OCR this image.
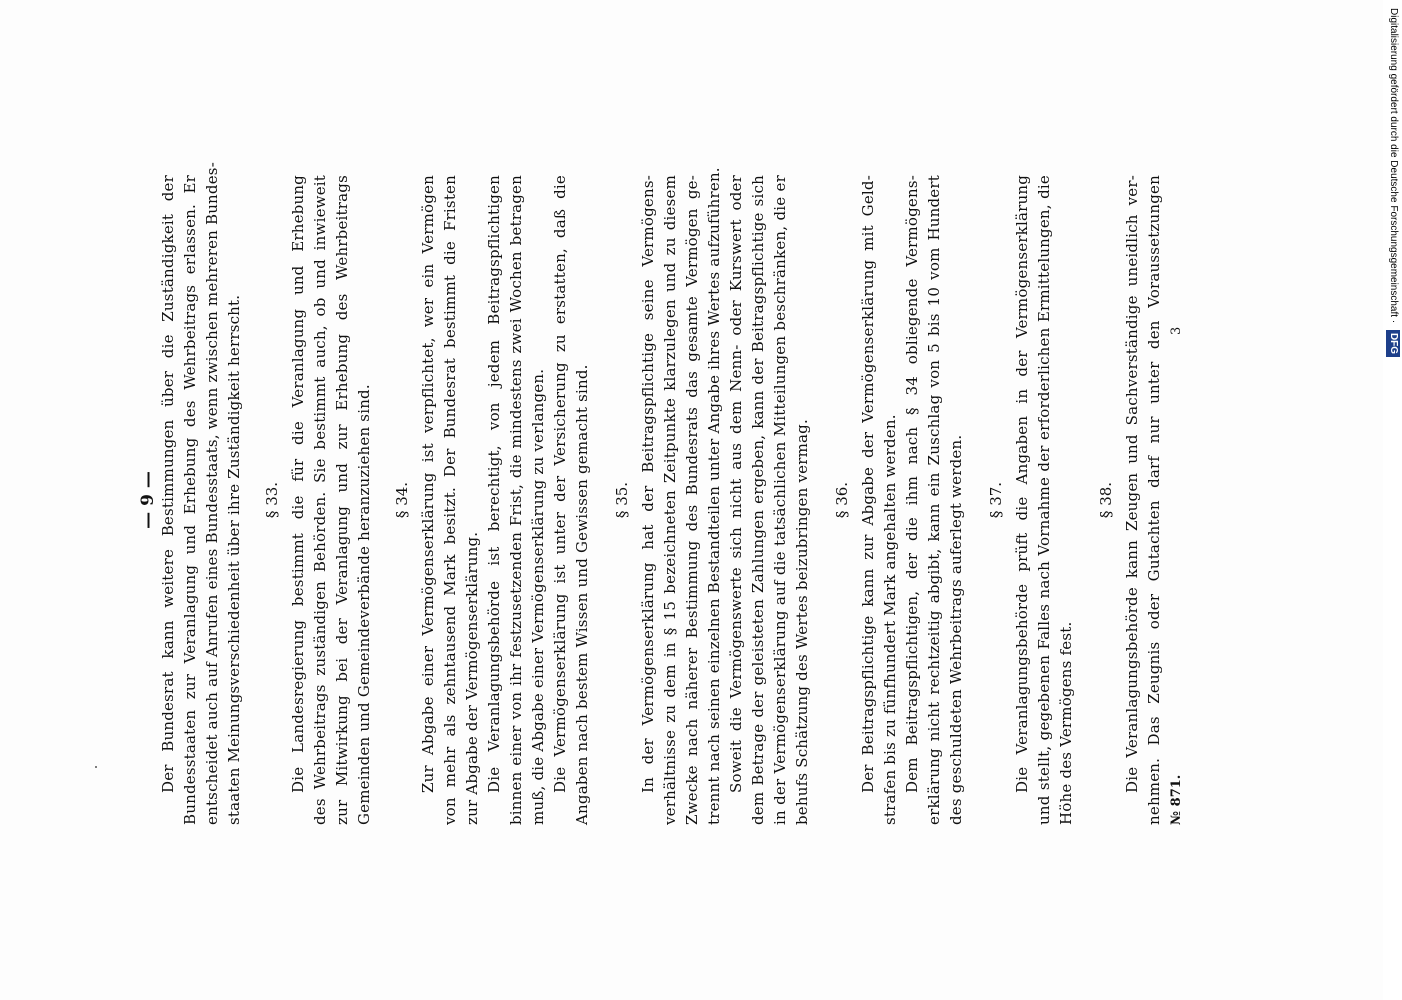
— 9 — Der Bundesrat kann weitere Bestimmungen über die Zuständigkeit der Bundesstaaten zur Veranlagung und Erhebung des Wehrbeitrags erlassen. Er entscheidet auch auf Anrufen eines Bundesstaats, wenn zwischen mehreren Bundes- staaten Meinungsverschiedenheit über ihre Zuständigkeit herrscht. § 33. Die Landesregierung bestimmt die für die Veranlagung und Erhebung des Wehrbeitrags zuständigen Behörden. Sie bestimmt auch, ob und inwieweit zur Mitwirkung bei der Veranlagung und zur Erhebung des Wehrbeitrags Gemeinden und Gemeindeverbände heranzuziehen sind. § 34. Zur Abgabe einer Vermögenserklärung ist verpflichtet, wer ein Vermögen von mehr als zehntausend Mark besitzt. Der Bundesrat bestimmt die Fristen zur Abgabe der Vermögenserklärung. Die Veranlagungsbehörde ist berechtigt, von jedem Beitragspflichtigen binnen einer von ihr festzusetzenden Frist, die mindestens zwei Wochen betragen muß, die Abgabe einer Vermögenserklärung zu verlangen. Die Vermögenserklärung ist unter der Versicherung zu erstatten, daß die Angaben nach bestem Wissen und Gewissen gemacht sind. § 35. In der Vermögenserklärung hat der Beitragspflichtige seine Vermögens- verhältnisse zu dem in § 15 bezeichneten Zeitpunkte klarzulegen und zu diesem Zwecke nach näherer Bestimmung des Bundesrats das gesamte Vermögen ge- trennt nach seinen einzelnen Bestandteilen unter Angabe ihres Wertes aufzuführen. Soweit die Vermögenswerte sich nicht aus dem Nenn- oder Kurswert oder dem Betrage der geleisteten Zahlungen ergeben, kann der Beitragspflichtige sich in der Vermögenserklärung auf die tatsächlichen Mitteilungen beschränken, die er behufs Schätzung des Wertes beizubringen vermag. § 36. Der Beitragspflichtige kann zur Abgabe der Vermögenserklärung mit Geld- strafen bis zu fünfhundert Mark angehalten werden. Dem Beitragspflichtigen, der die ihm nach § 34 obliegende Vermögens- erklärung nicht rechtzeitig abgibt, kann ein Zuschlag von 5 bis 10 vom Hundert des geschuldeten Wehrbeitrags auferlegt werden. § 37. Die Veranlagungsbehörde prüft die Angaben in der Vermögenserklärung und stellt, gegebenen Falles nach Vornahme der erforderlichen Ermittelungen, die Höhe des Vermögens fest.
§ 38. Die Veranlagungsbehörde kann Zeugen und Sachverständige uneidlich ver- nehmen. Das Zeugnis oder Gutachten darf nur unter den Voraussetzungen № 871.
3
Digitalisierung gefördert durch die Deutsche Forschungsgemeinschaft · DFG
